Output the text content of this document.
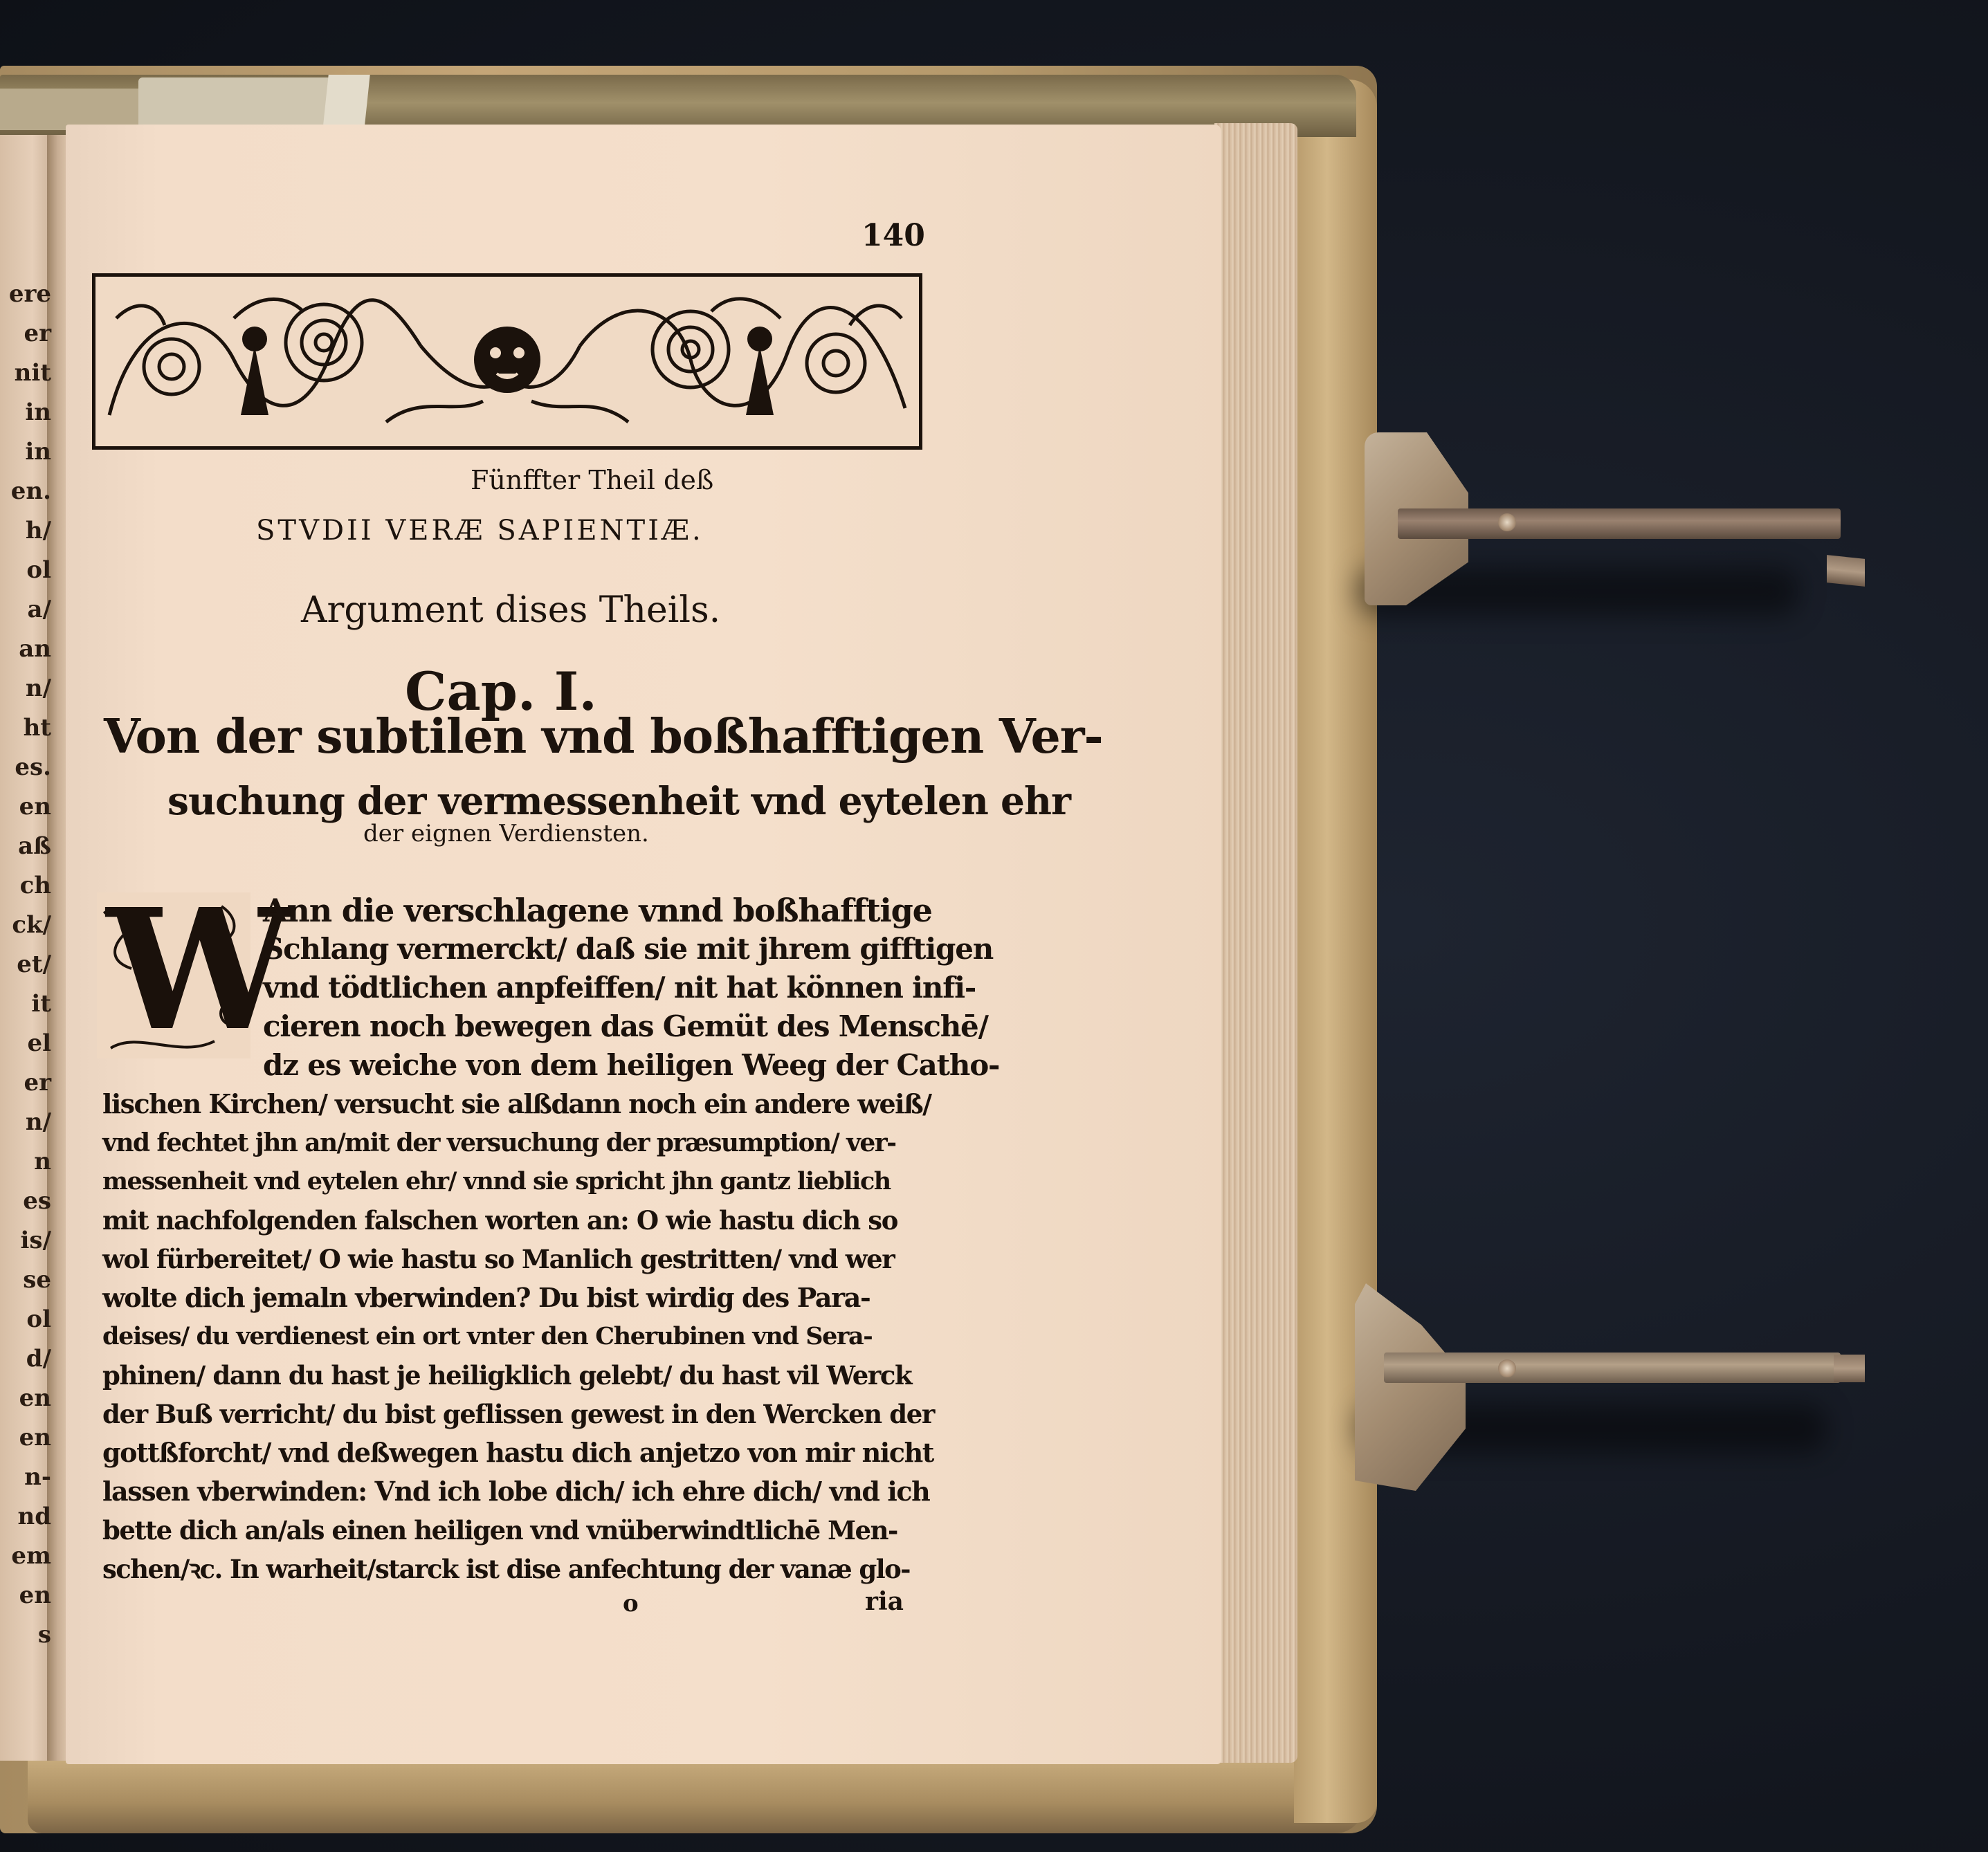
140
Fünffter Theil deß
STVDII VERÆ SAPIENTIÆ.
Argument dises Theils.
Cap. I.
Von der subtilen vnd boßhafftigen Ver-
suchung der vermessenheit vnd eytelen ehr
der eignen Verdiensten.
W
Ann die verschlagene vnnd boßhafftige
Schlang vermerckt/ daß sie mit jhrem gifftigen
vnd tödtlichen anpfeiffen/ nit hat können infi-
cieren noch bewegen das Gemüt des Menschē/
dz es weiche von dem heiligen Weeg der Catho-
lischen Kirchen/ versucht sie alßdann noch ein andere weiß/
vnd fechtet jhn an/mit der versuchung der præsumption/ ver-
messenheit vnd eytelen ehr/ vnnd sie spricht jhn gantz lieblich
mit nachfolgenden falschen worten an: O wie hastu dich so
wol fürbereitet/ O wie hastu so Manlich gestritten/ vnd wer
wolte dich jemaln vberwinden? Du bist wirdig des Para-
deises/ du verdienest ein ort vnter den Cherubinen vnd Sera-
phinen/ dann du hast je heiligklich gelebt/ du hast vil Werck
der Buß verricht/ du bist geflissen gewest in den Wercken der
gottßforcht/ vnd deßwegen hastu dich anjetzo von mir nicht
lassen vberwinden: Vnd ich lobe dich/ ich ehre dich/ vnd ich
bette dich an/als einen heiligen vnd vnüberwindtlichē Men-
schen/ꝛc. In warheit/starck ist dise anfechtung der vanæ glo-
o	ria
ere
er
nit
in
in
en.
h/
ol
a/
an
n/
ht
es.
en
aß
ch
ck/
et/
it
el
er
n/
n
es
is/
se
ol
d/
en
en
n-
nd
em
en
s
